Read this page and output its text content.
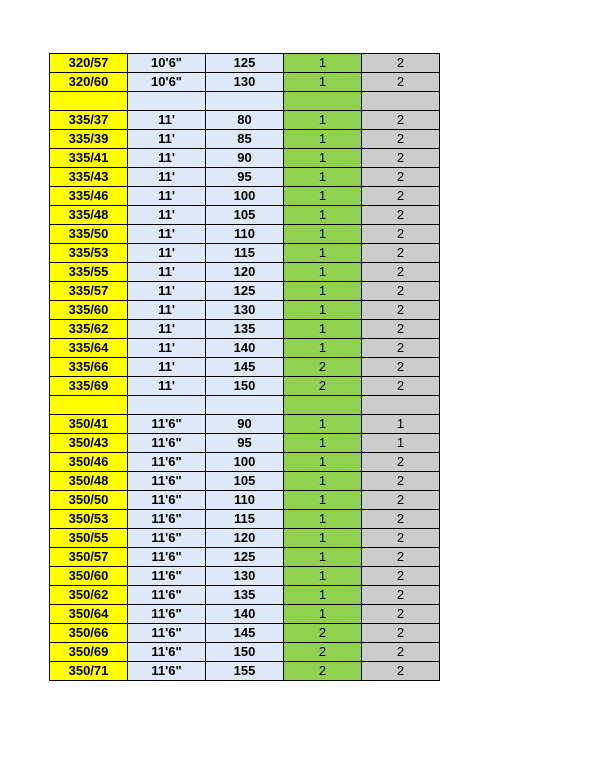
320/57	10'6"	125	1	2
320/60	10'6"	130	1	2

335/37	11'	80	1	2
335/39	11'	85	1	2
335/41	11'	90	1	2
335/43	11'	95	1	2
335/46	11'	100	1	2
335/48	11'	105	1	2
335/50	11'	110	1	2
335/53	11'	115	1	2
335/55	11'	120	1	2
335/57	11'	125	1	2
335/60	11'	130	1	2
335/62	11'	135	1	2
335/64	11'	140	1	2
335/66	11'	145	2	2
335/69	11'	150	2	2

350/41	11'6"	90	1	1
350/43	11'6"	95	1	1
350/46	11'6"	100	1	2
350/48	11'6"	105	1	2
350/50	11'6"	110	1	2
350/53	11'6"	115	1	2
350/55	11'6"	120	1	2
350/57	11'6"	125	1	2
350/60	11'6"	130	1	2
350/62	11'6"	135	1	2
350/64	11'6"	140	1	2
350/66	11'6"	145	2	2
350/69	11'6"	150	2	2
350/71	11'6"	155	2	2
